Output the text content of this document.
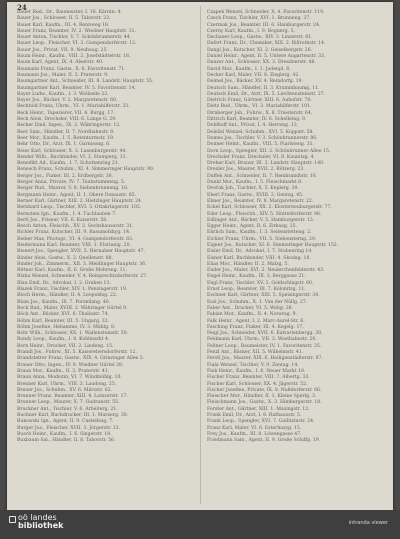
24
Bauer Rud., Dr., Baumeister, I. 16. Kärntn. 4.
Bauer Jos., Schlosser, II. 5. Taborstr. 22.
Bauer Karl, Kaufm., III. 4. Rennweg 18.
Bauer Franz, Beamter, IV. 2. Wiedner Hauptstr. 31.
Bauer Anton, Tischler, V. 7. Schönbrunnerstr. 44.
Bauer Leop., Fleischer, VI. 3. Gumpendorferstr. 12.
Bauer Jos., Privat, VII. 9. Neubaug. 25.
Baum Heinr., Kaufm., VIII. 2. Josefstädterstr. 18.
Baum Karl, Agent, IX. 4. Alserstr. 40.
Baumann Franz, Gastw., X. 6. Favoritenstr. 71.
Baumann Jos., Maler, II. 3. Praterstr. 9.
Baumgartner Ant., Schneider, III. 8. Landstr. Hauptstr. 55.
Baumgartner Karl, Beamter, IV. 5. Favoritenstr. 14.
Bayer Ludw., Kaufm., I. 3. Wollzeile 22.
Bayer Jos., Bäcker, V. 2. Margaretenstr. 60.
Bechtold Franz, Uhrm., VI. 1. Mariahilferstr. 33.
Beck Heinr., Tapezierer, VII. 4. Burgg. 17.
Beck Alois, Drechsler, VIII. 6. Lange G. 29.
Becker Emil, Ingen., IX. 2. Währingerstr. 12.
Beer Sam., Händler, II. 7. Nordbahnstr. 8.
Beer Mor., Kaufm., I. 5. Rotenturmstr. 19.
Behr Otto, Dr., Arzt, IX. 1. Garnisong. 6.
Beier Karl, Schlosser, X. 3. Laxenburgerstr. 44.
Bender Wilh., Buchbinder, VI. 2. Stumperg. 11.
Benedikt Ad., Kaufm., I. 7. Schottenring 21.
Benesch Franz, Schuhm., XI. 4. Simmeringer Hauptstr. 90.
Berger Jos., Fiaker, III. 2. Erdbergstr. 38.
Berger Anna, Private, IV. 7. Taubstummeng. 5.
Berger Rud., Maurer, V. 8. Siebenbrunneng. 16.
Bergmann Heinr., Agent, II. 1. Obere Donaustr. 65.
Berner Karl, Gärtner, XIII. 2. Hietzinger Hauptstr. 24.
Bernhard Leop., Tischler, XVI. 3. Ottakringerstr. 102.
Bernstein Ign., Kaufm., I. 4. Tuchlauben 7.
Bertl Jos., Friseur, VII. 6. Kaiserstr. 58.
Besch Anton, Fleischh., XV. 2. Sechshauserstr. 31.
Bichler Franz, Kutscher, III. 9. Rasumofskyg. 14.
Bieber Max, Photogr., VI. 4. Gumpendorferstr. 83.
Biedermann Karl, Beamter, VIII. 1. Florianig. 20.
Bienert Jos., Spengler, XVII. 5. Hernalser Hauptstr. 47.
Binder Alois, Gastw., X. 2. Quellenstr. 88.
Binder Joh., Zimmerm., XII. 3. Meidlinger Hauptstr. 36.
Bittner Karl, Kaufm., II. 6. Große Mohreng. 11.
Blaha Wenzel, Schneider, V. 4. Reinprechtsdorferstr. 27.
Blau Emil, Dr., Advokat, I. 2. Graben 13.
Blazek Franz, Tischler, XIV. 1. Penzingerstr. 19.
Bloch Herm., Händler, II. 4. Leopoldsg. 22.
Blum Jos., Kaufm., IX. 7. Porzellang. 40.
Bock Rud., Maler, XVIII. 2. Währinger Gürtel 9.
Böck Ant., Bäcker, XVI. 6. Thaliastr. 74.
Böhm Karl, Beamter, III. 5. Ungarg. 32.
Böhm Josefine, Hebamme, IV. 3. Mühlg. 8.
Bohr Wilh., Schlosser, XX. 1. Wallensteinstr. 50.
Bondy Leop., Kaufm., I. 8. Kohlmarkt 4.
Born Heinr., Drucker, VII. 2. Lindeng. 15.
Brandl Jos., Fuhrw., XI. 5. Kaiserebersdorferstr. 12.
Brandstetter Franz, Gastw., XIX. 4. Grinzinger Allee 3.
Brauer Otto, Ingen., IV. 9. Wiedner Gürtel 28.
Braun Mor., Kaufm., II. 2. Praterstr. 41.
Braun Anna, Modistin, VI. 7. Windmühlg. 10.
Brenner Karl, Uhrm., VIII. 3. Laudong. 25.
Breuer Jos., Schuhm., XV. 6. Märzstr. 62.
Brunner Franz, Beamter, XIII. 4. Lainzerstr. 17.
Brunner Leop., Maurer, X. 7. Gudrunstr. 55.
Bruckner Ant., Tischler, V. 6. Arbeiterg. 21.
Buchner Karl, Buchdrucker, III. 1. Marxerg. 30.
Bukowski Ign., Agent, II. 9. Castellezg. 7.
Burger Jos., Fleischer, XVII. 3. Jörgerstr. 13.
Busch Heinr., Kaufm., I. 6. Singerstr. 18.
Buxbaum Sal., Händler, II. 8. Taborstr. 56.
Czapek Wenzel, Schneider, X. 4. Favoritenstr. 119.
Czech Franz, Tischler, XVI. 1. Brunneng. 37.
Czermak Jos., Beamter, III. 6. Hainburgerstr. 24.
Czerny Karl, Kaufm., I. 9. Bognerg. 5.
Dachauer Leop., Gastw., XIV. 3. Linzerstr. 81.
Dafert Franz, Dr., Chemiker, XIX. 2. Billrothstr. 14.
Dangl Jos., Kutscher, XI. 2. Geiselbergstr. 26.
Daniel Heinr., Agent, II. 5. Untere Augartenstr. 33.
Danzer Ant., Schlosser, XX. 3. Dresdnerstr. 48.
David Mor., Kaufm., I. 1. Judenpl. 6.
Decker Karl, Maler, VII. 8. Zieglerg. 42.
Deimel Jos., Bäcker, XV. 4. Reindorfg. 19.
Deutsch Sam., Händler, II. 3. Krummbaumg. 11.
Deutsch Emil, Dr., Arzt, IX. 5. Liechtensteinstr. 27.
Dietrich Franz, Gärtner, XIII. 6. Auhofstr. 70.
Dietz Rud., Uhrm., VI. 3. Mariahilferstr. 101.
Dirnberger Joh., Fuhrw., X. 8. Triesterstr. 64.
Dittrich Karl, Beamter, IV. 6. Schelleing. 9.
Doblhoff Ant., Privat, I. 4. Herreng. 12.
Doležal Wenzel, Schuhm., XVI. 5. Koppstr. 58.
Domes Jos., Tischler, V. 3. Schönbrunnerstr. 86.
Donner Heinr., Kaufm., VIII. 5. Piaristeng. 31.
Dorn Leop., Spengler, XII. 2. Schönbrunner Allee 15.
Drechsler Franz, Drechsler, VI. 8. Kaunitzg. 4.
Dreher Karl, Brauer, III. 3. Landstr. Hauptstr. 140.
Drexler Jos., Maurer, XVII. 2. Rötzerg. 23.
Duffek Ant., Schneider, II. 7. Rembrandtstr. 16.
Dunkl Mor., Kaufm., I. 5. Fleischmarkt 8.
Dvořak Joh., Tischler, X. 5. Keplerg. 39.
Eberl Franz, Gastw., XVIII. 3. Gentzg. 45.
Ebner Jos., Beamter, IV. 8. Margaretenstr. 22.
Eckel Karl, Schlosser, XX. 2. Klosterneuburgerstr. 77.
Eder Leop., Fleischh., XIV. 5. Hütteldorferstr. 96.
Edlinger Ant., Bäcker, V. 5. Hamburgerstr. 13.
Egger Heinr., Agent, II. 6. Zirkusg. 25.
Ehrlich Sam., Kaufm., I. 3. Seitenstetteng. 2.
Eichler Franz, Uhrm., VII. 5. Siebensterng. 29.
Eigner Jos., Kutscher, XI. 6. Simmeringer Hauptstr. 152.
Eisler Emil, Dr., Advokat, I. 7. Stubenring 14.
Eisner Karl, Buchbinder, VIII. 4. Skodag. 18.
Elias Mor., Händler, II. 2. Malzg. 5.
Ender Jos., Maler, XVI. 2. Neulerchenfelderstr. 43.
Engel Heinr., Kaufm., IX. 3. Berggasse 21.
Engl Franz, Tischler, XV. 3. Goldschlagstr. 60.
Ernst Leop., Beamter, III. 7. Kolonitzg. 11.
Eschner Karl, Gärtner, XIII. 5. Speisingerstr. 34.
Essl Jos., Schuhm., X. 1. Van der Nüllg. 27.
Faber Ant., Drucker, VI. 5. Webg. 38.
Fabian Mor., Kaufm., II. 4. Novarag. 9.
Falk Heinr., Agent, I. 2. Marc-Aurel-Str. 6.
Fasching Franz, Fiaker, III. 4. Kegelg. 17.
Feigl Jos., Schneider, XVII. 6. Kalvarienbergg. 30.
Feldmann Karl, Uhrm., VII. 3. Westbahnstr. 20.
Fellner Leop., Baumeister, IV. 1. Favoritenstr. 35.
Fenzl Ant., Bäcker, XII. 5. Wilhelmstr. 41.
Ferstl Jos., Maurer, XIX. 6. Heiligenstädterstr. 87.
Fiala Wenzel, Tischler, V. 9. Zentag. 14.
Fink Heinr., Kaufm., I. 6. Neuer Markt 10.
Fischer Franz, Beamter, VIII. 7. Albertg. 33.
Fischer Karl, Schlosser, XX. 4. Jägerstr. 52.
Fischer Josefine, Private, IX. 8. Nußdorferstr. 66.
Fleischer Mor., Händler, II. 1. Kleine Sperlg. 3.
Fleischmann Jos., Gastw., X. 3. Himbergerstr. 18.
Forster Ant., Gärtner, XIII. 1. Maxingstr. 12.
Frank Emil, Dr., Arzt, I. 8. Rathausstr. 5.
Frank Leop., Spengler, XVI. 7. Gallitzinstr. 24.
Franz Karl, Maler, VI. 6. Esterhazyg. 15.
Frey Jos., Kaufm., III. 8. Löwengasse 47.
Friedmann Sam., Agent, II. 9. Große Schiffg. 19.
oö landes
bibliothek	intranda viewer
